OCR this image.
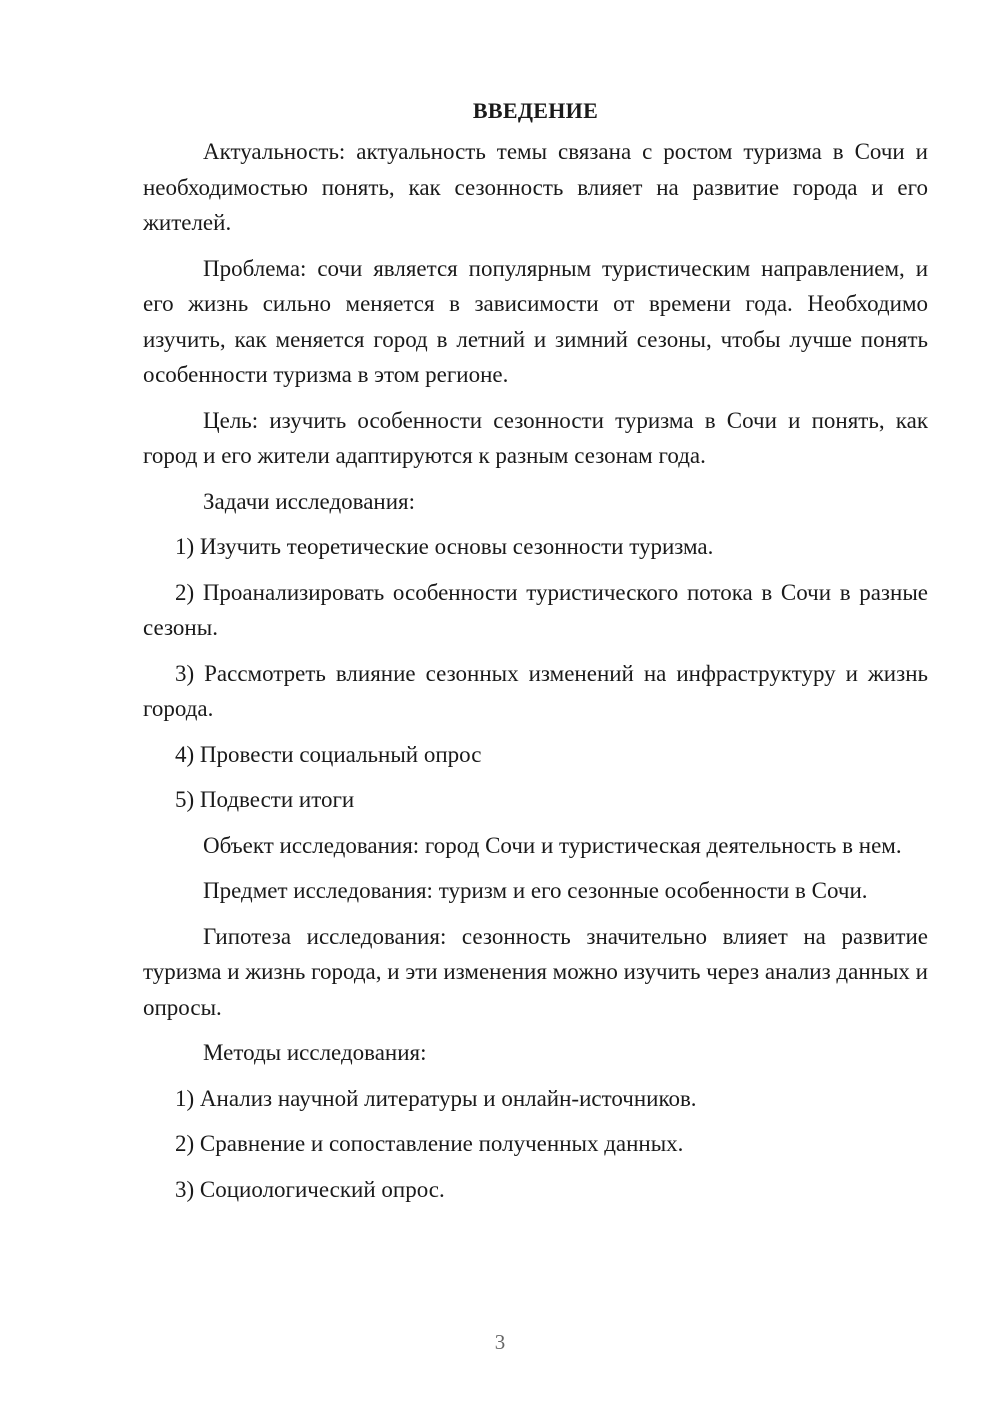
ВВЕДЕНИЕ

Актуальность: актуальность темы связана с ростом туризма в Сочи и необходимостью понять, как сезонность влияет на развитие города и его жителей.

Проблема: сочи является популярным туристическим направлением, и его жизнь сильно меняется в зависимости от времени года. Необходимо изучить, как меняется город в летний и зимний сезоны, чтобы лучше понять особенности туризма в этом регионе.

Цель: изучить особенности сезонности туризма в Сочи и понять, как город и его жители адаптируются к разным сезонам года.

Задачи исследования:

1) Изучить теоретические основы сезонности туризма.

2) Проанализировать особенности туристического потока в Сочи в разные сезоны.

3) Рассмотреть влияние сезонных изменений на инфраструктуру и жизнь города.

4) Провести социальный опрос

5) Подвести итоги

Объект исследования: город Сочи и туристическая деятельность в нем.

Предмет исследования: туризм и его сезонные особенности в Сочи.

Гипотеза исследования: сезонность значительно влияет на развитие туризма и жизнь города, и эти изменения можно изучить через анализ данных и опросы.

Методы исследования:

1) Анализ научной литературы и онлайн-источников.

2) Сравнение и сопоставление полученных данных.

3) Социологический опрос.

3
